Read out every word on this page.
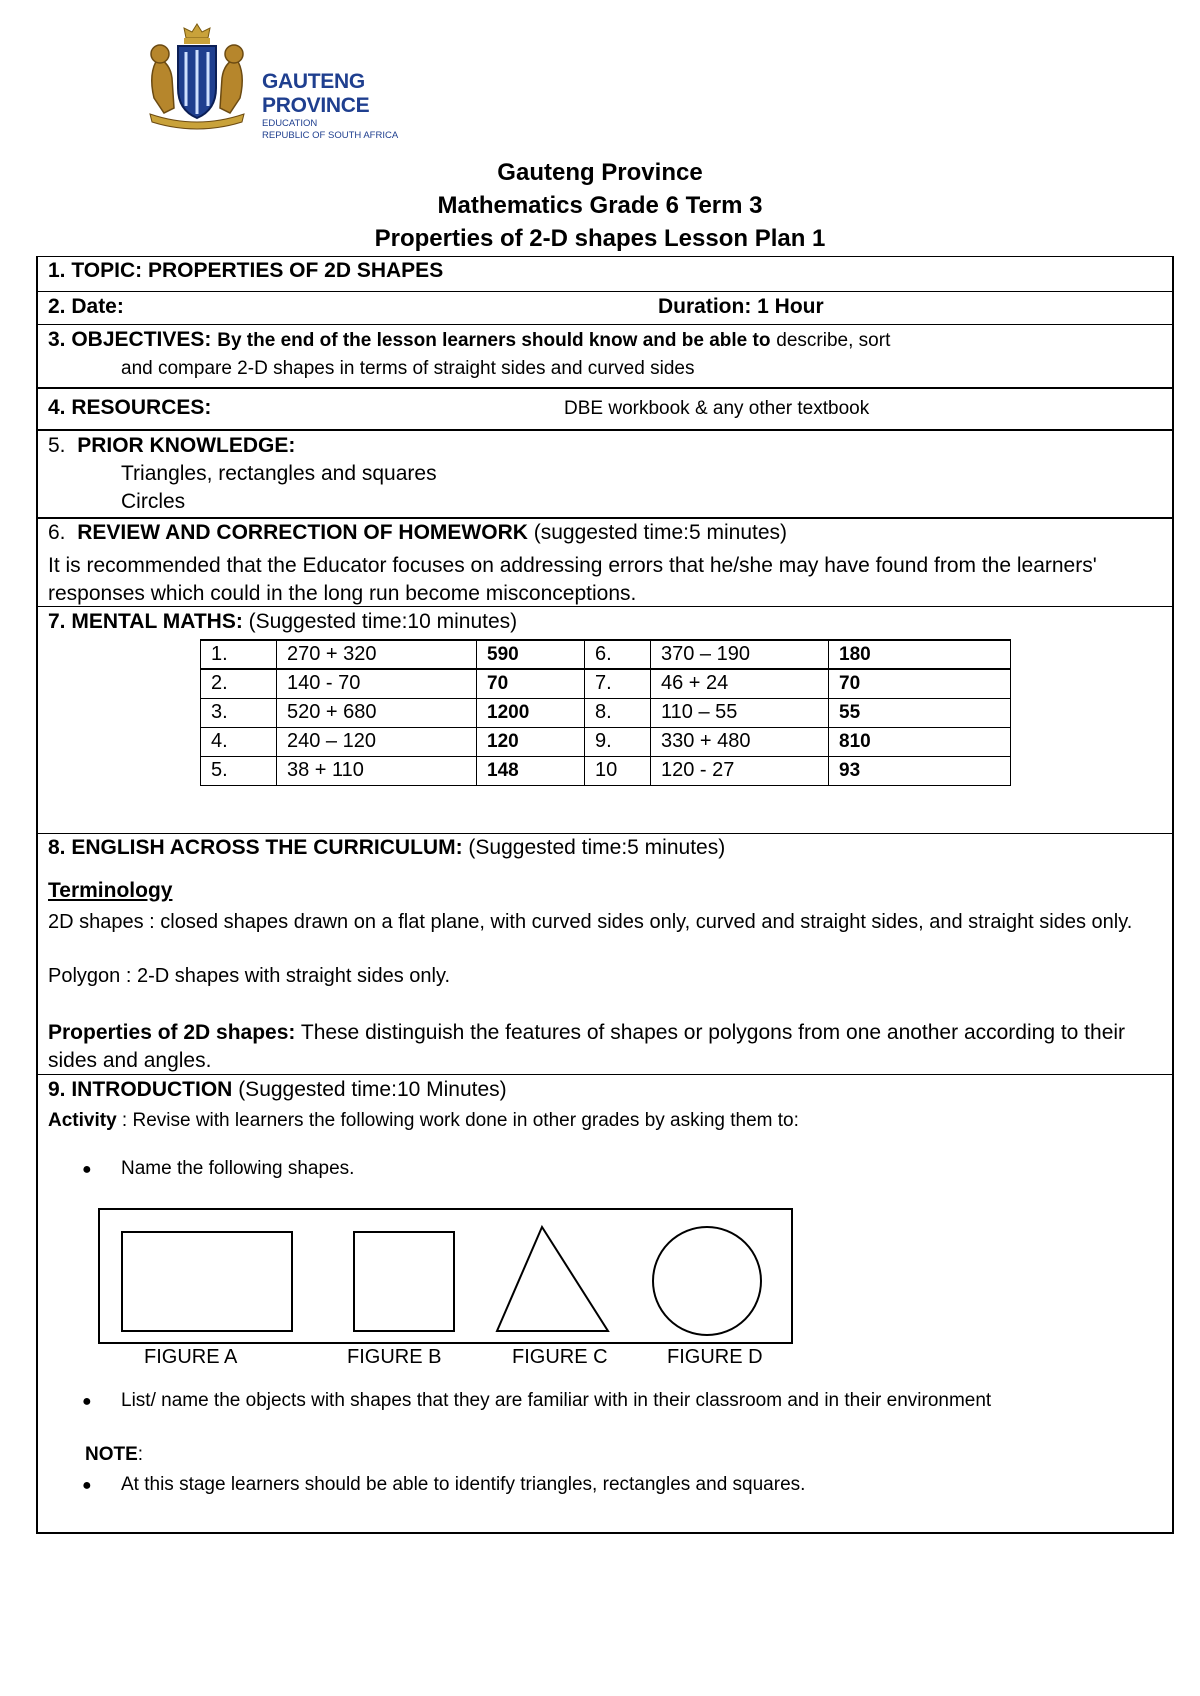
GAUTENG PROVINCE
EDUCATION
REPUBLIC OF SOUTH AFRICA
Gauteng Province
Mathematics Grade 6 Term 3
Properties of 2-D shapes Lesson Plan 1
1. TOPIC: PROPERTIES OF 2D SHAPES
2. Date:	Duration: 1 Hour
3. OBJECTIVES: By the end of the lesson learners should know and be able to describe, sort
and compare 2-D shapes in terms of straight sides and curved sides
4. RESOURCES:	DBE workbook & any other textbook
5. PRIOR KNOWLEDGE:
Triangles, rectangles and squares
Circles
6. REVIEW AND CORRECTION OF HOMEWORK (suggested time:5 minutes)
It is recommended that the Educator focuses on addressing errors that he/she may have found from the learners' responses which could in the long run become misconceptions.
7. MENTAL MATHS: (Suggested time:10 minutes)
1.	270 + 320	590	6.	370 – 190	180
2.	140 - 70	70	7.	46 + 24	70
3.	520 + 680	1200	8.	110 – 55	55
4.	240 – 120	120	9.	330 + 480	810
5.	38 + 110	148	10	120 - 27	93
8. ENGLISH ACROSS THE CURRICULUM: (Suggested time:5 minutes)
Terminology
2D shapes : closed shapes drawn on a flat plane, with curved sides only, curved and straight sides, and straight sides only.
Polygon : 2-D shapes with straight sides only.
Properties of 2D shapes: These distinguish the features of shapes or polygons from one another according to their sides and angles.
9. INTRODUCTION (Suggested time:10 Minutes)
Activity : Revise with learners the following work done in other grades by asking them to:
● Name the following shapes.
FIGURE A	FIGURE B	FIGURE C	FIGURE D
● List/ name the objects with shapes that they are familiar with in their classroom and in their environment
NOTE:
● At this stage learners should be able to identify triangles, rectangles and squares.
